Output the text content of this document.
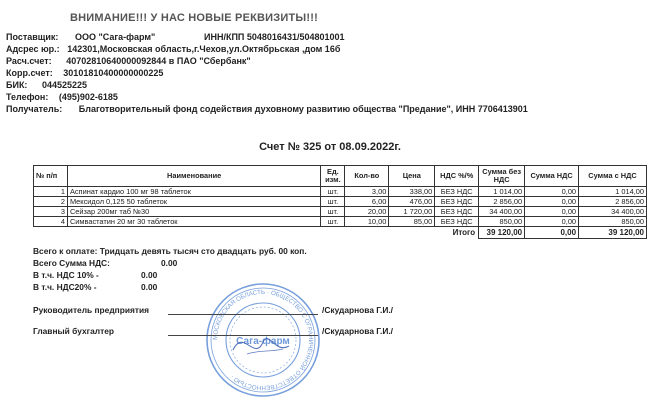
ВНИМАНИЕ!!! У НАС НОВЫЕ РЕКВИЗИТЫ!!!
Поставщик: ООО "Сага-фарм"	ИНН/КПП 5048016431/504801001
Адсрес юр.: 142301,Московская область,г.Чехов,ул.Октябрьская ,дом 16б
Расч.счет: 40702810640000092844 в ПАО "Сбербанк"
Корр.счет: 30101810400000000225
БИК: 044525225
Телефон: (495)902-6185
Получатель: Благотворительный фонд содействия духовному развитию общества "Предание", ИНН 7706413901
Счет № 325 от 08.09.2022г.
№ п/п	Наименование	Ед. изм.	Кол-во	Цена	НДС %/%	Сумма без НДС	Сумма НДС	Сумма с НДС
1	Аспинат кардио 100 мг 98 таблеток	шт.	3,00	338,00	БЕЗ НДС	1 014,00	0,00	1 014,00
2	Мексидол 0,125 50 таблеток	шт.	6,00	476,00	БЕЗ НДС	2 856,00	0,00	2 856,00
3	Сейзар 200мг таб №30	шт.	20,00	1 720,00	БЕЗ НДС	34 400,00	0,00	34 400,00
4	Симвастатин 20 мг 30 таблеток	шт.	10,00	85,00	БЕЗ НДС	850,00	0,00	850,00
Итого						39 120,00	0,00	39 120,00
Всего к оплате: Тридцать девять тысяч сто двадцать руб. 00 коп.
Всего Сумма НДС:	0.00
В т.ч. НДС 10% -	0.00
В т.ч. НДС20% -	0.00
МОСКОВСКАЯ ОБЛАСТЬ · ОБЩЕСТВО С ОГРАНИЧЕННОЙ ОТВЕТСТВЕННОСТЬЮ ·
Сага-фарм
Руководитель предприятия	/Скударнова Г.И./
Главный бухгалтер	/Скударнова Г.И./
